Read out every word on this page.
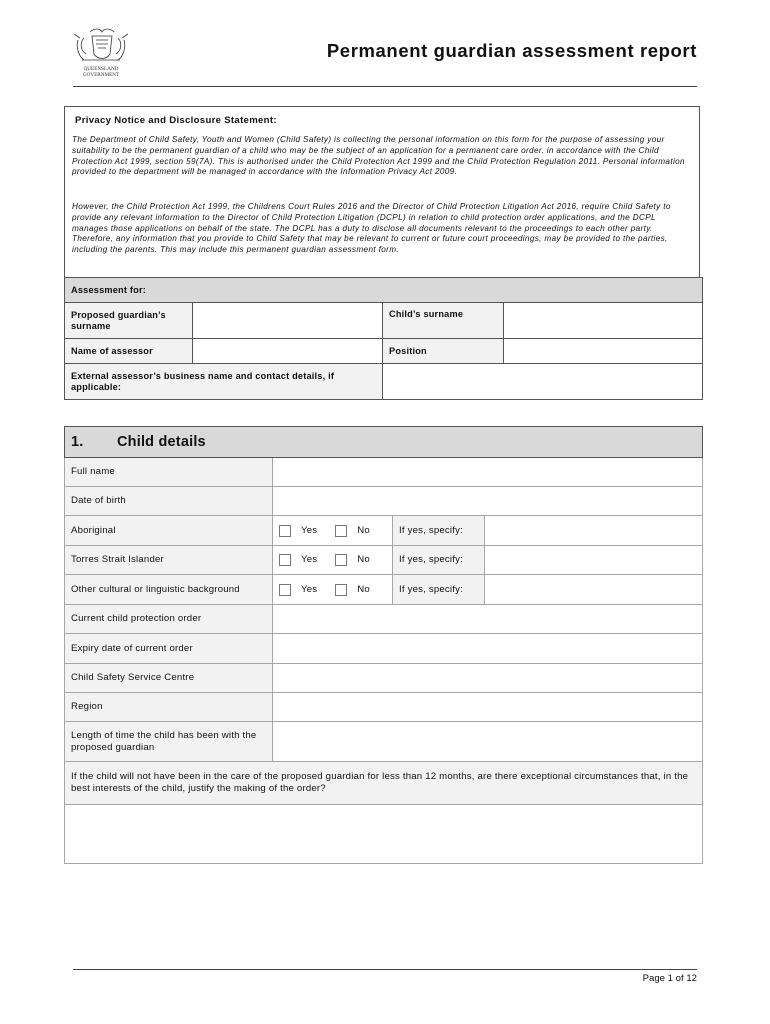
QUEENSLAND
GOVERNMENT
Permanent guardian assessment report
Privacy Notice and Disclosure Statement:

The Department of Child Safety, Youth and Women (Child Safety) is collecting the personal information on this form for the purpose of assessing your suitability to be the permanent guardian of a child who may be the subject of an application for a permanent care order, in accordance with the Child Protection Act 1999, section 59(7A). This is authorised under the Child Protection Act 1999 and the Child Protection Regulation 2011. Personal information provided to the department will be managed in accordance with the Information Privacy Act 2009.

However, the Child Protection Act 1999, the Childrens Court Rules 2016 and the Director of Child Protection Litigation Act 2016, require Child Safety to provide any relevant information to the Director of Child Protection Litigation (DCPL) in relation to child protection order applications, and the DCPL manages those applications on behalf of the state. The DCPL has a duty to disclose all documents relevant to the proceedings to each other party. Therefore, any information that you provide to Child Safety that may be relevant to current or future court proceedings, may be provided to the parties, including the parents. This may include this permanent guardian assessment form.

Assessment for:			
Proposed guardian’s surname		Child’s surname	
Name of assessor		Position	
External assessor’s business name and contact details, if applicable:			
1. Child details			
Full name			
Date of birth			
Aboriginal	Yes No	If yes, specify:	
Torres Strait Islander	Yes No	If yes, specify:	
Other cultural or linguistic background	Yes No	If yes, specify:	
Current child protection order			
Expiry date of current order			
Child Safety Service Centre			
Region			
Length of time the child has been with the proposed guardian			
If the child will not have been in the care of the proposed guardian for less than 12 months, are there exceptional circumstances that, in the best interests of the child, justify the making of the order?			

Page 1 of 12
